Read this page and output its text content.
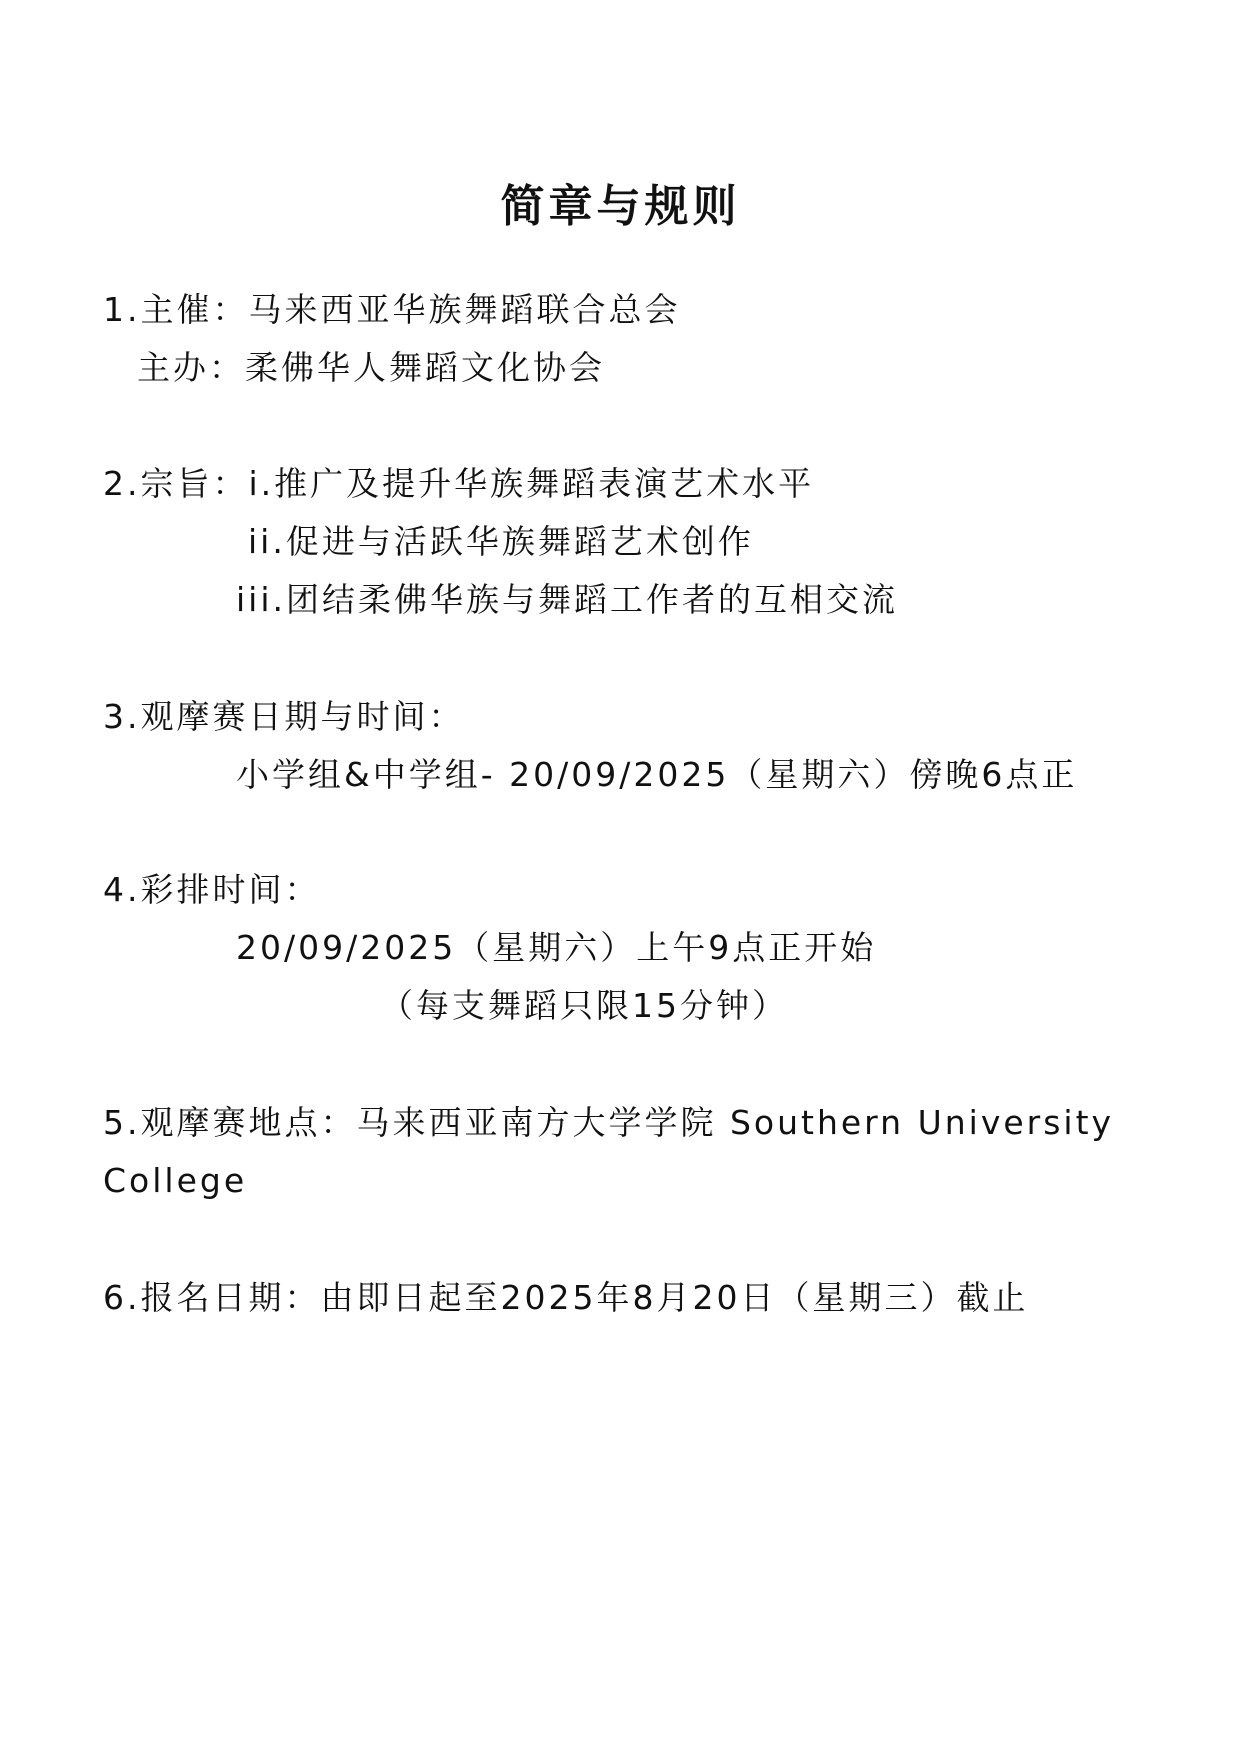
简章与规则
1.主催：马来西亚华族舞蹈联合总会
主办：柔佛华人舞蹈文化协会
2.宗旨：i.推广及提升华族舞蹈表演艺术水平
ii.促进与活跃华族舞蹈艺术创作
iii.团结柔佛华族与舞蹈工作者的互相交流
3.观摩赛日期与时间：
小学组&中学组- 20/09/2025（星期六）傍晚6点正
4.彩排时间：
20/09/2025（星期六）上午9点正开始
（每支舞蹈只限15分钟）
5.观摩赛地点：马来西亚南方大学学院 Southern University
College
6.报名日期：由即日起至2025年8月20日（星期三）截止
